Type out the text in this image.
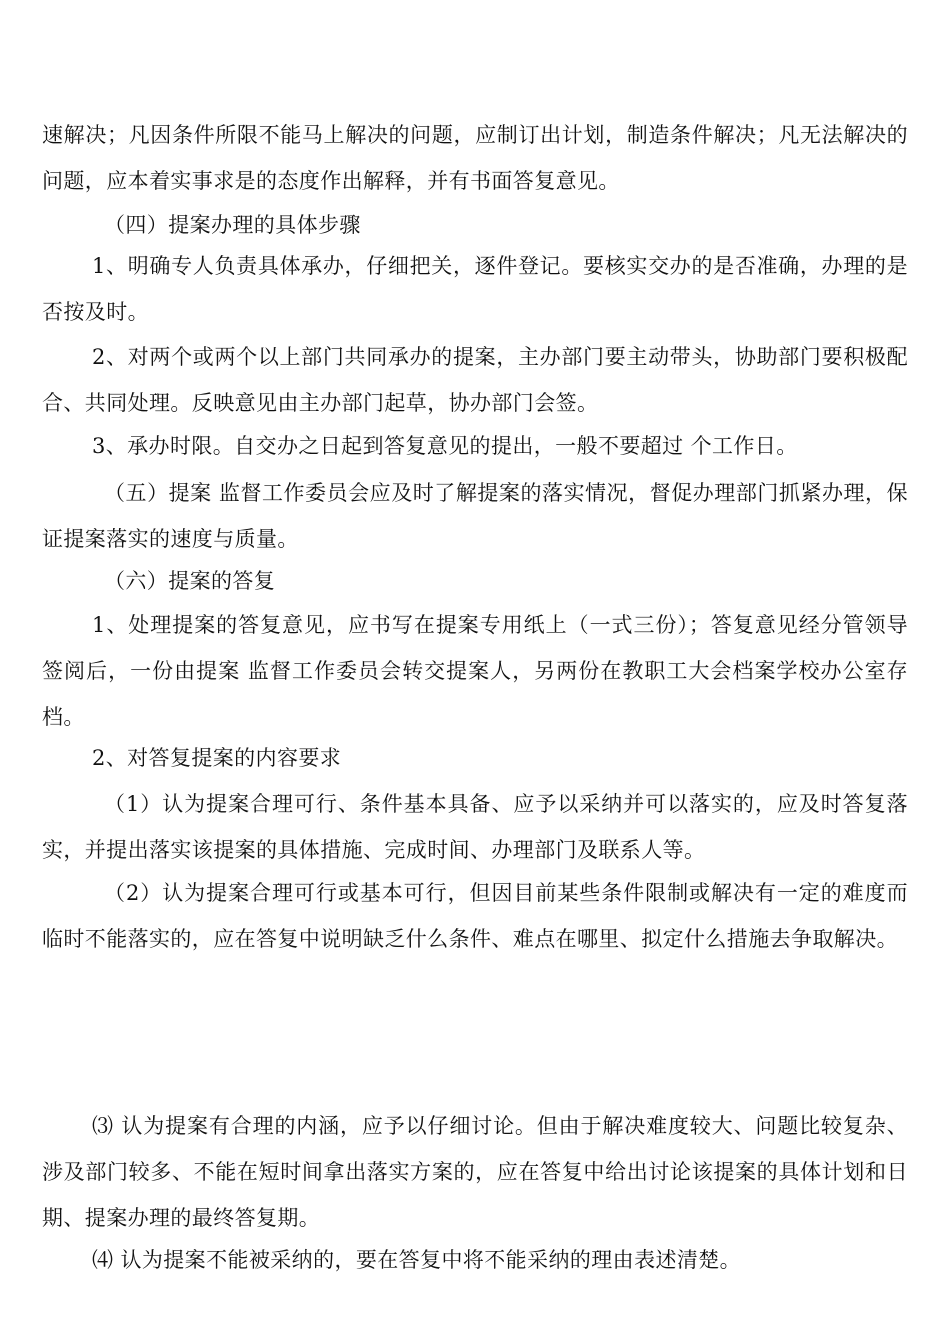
速解决；凡因条件所限不能马上解决的问题，应制订出计划，制造条件解决；凡无法解决的问题，应本着实事求是的态度作出解释，并有书面答复意见。

（四）提案办理的具体步骤

1、明确专人负责具体承办，仔细把关，逐件登记。要核实交办的是否准确，办理的是否按及时。

2、对两个或两个以上部门共同承办的提案，主办部门要主动带头，协助部门要积极配合、共同处理。反映意见由主办部门起草，协办部门会签。

3、承办时限。自交办之日起到答复意见的提出，一般不要超过 个工作日。

（五）提案 监督工作委员会应及时了解提案的落实情况，督促办理部门抓紧办理，保证提案落实的速度与质量。

（六）提案的答复

1、处理提案的答复意见，应书写在提案专用纸上（一式三份）；答复意见经分管领导签阅后，一份由提案 监督工作委员会转交提案人，另两份在教职工大会档案学校办公室存档。

2、对答复提案的内容要求

（1）认为提案合理可行、条件基本具备、应予以采纳并可以落实的，应及时答复落实，并提出落实该提案的具体措施、完成时间、办理部门及联系人等。

（2）认为提案合理可行或基本可行，但因目前某些条件限制或解决有一定的难度而临时不能落实的，应在答复中说明缺乏什么条件、难点在哪里、拟定什么措施去争取解决。

⑶ 认为提案有合理的内涵，应予以仔细讨论。但由于解决难度较大、问题比较复杂、涉及部门较多、不能在短时间拿出落实方案的，应在答复中给出讨论该提案的具体计划和日期、提案办理的最终答复期。

⑷ 认为提案不能被采纳的，要在答复中将不能采纳的理由表述清楚。
